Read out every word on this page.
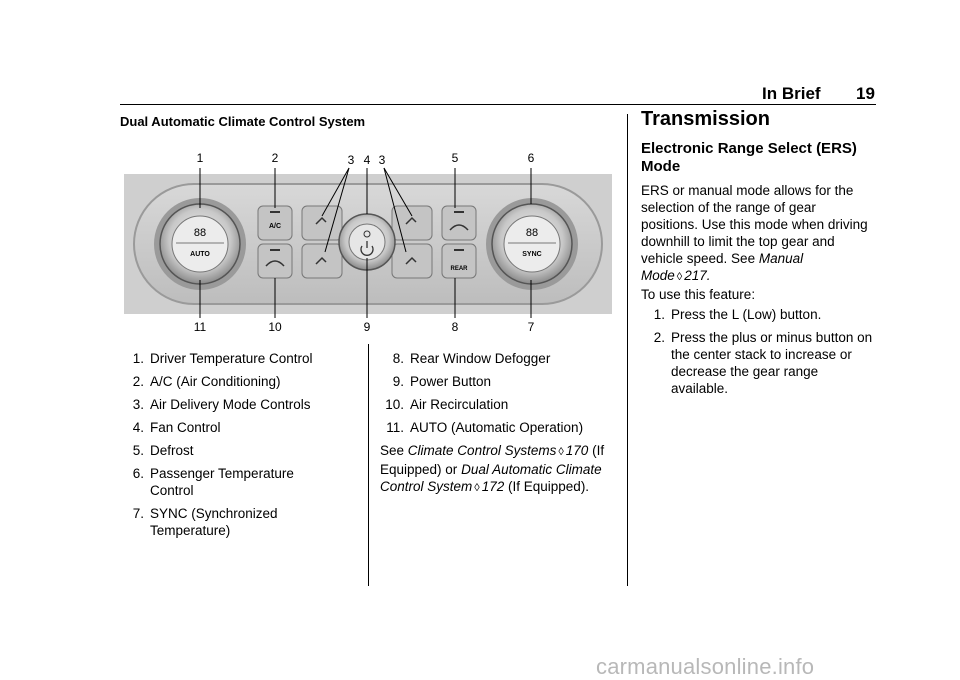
In Brief 19
Dual Automatic Climate Control System
88
AUTO
A/C
REAR
88
SYNC
1	2	3 4 3	5	6
11	10	9	8	7
1. Driver Temperature Control
2. A/C (Air Conditioning)
3. Air Delivery Mode Controls
4. Fan Control
5. Defrost
6. Passenger Temperature Control
7. SYNC (Synchronized Temperature)
8. Rear Window Defogger
9. Power Button
10. Air Recirculation
11. AUTO (Automatic Operation)

See Climate Control Systems ◊ 170 (If Equipped) or Dual Automatic Climate Control System ◊ 172 (If Equipped).

Transmission
Electronic Range Select (ERS) Mode
ERS or manual mode allows for the selection of the range of gear positions. Use this mode when driving downhill to limit the top gear and vehicle speed. See Manual Mode ◊ 217.
To use this feature:
1. Press the L (Low) button.
2. Press the plus or minus button on the center stack to increase or decrease the gear range available.
carmanualsonline.info
